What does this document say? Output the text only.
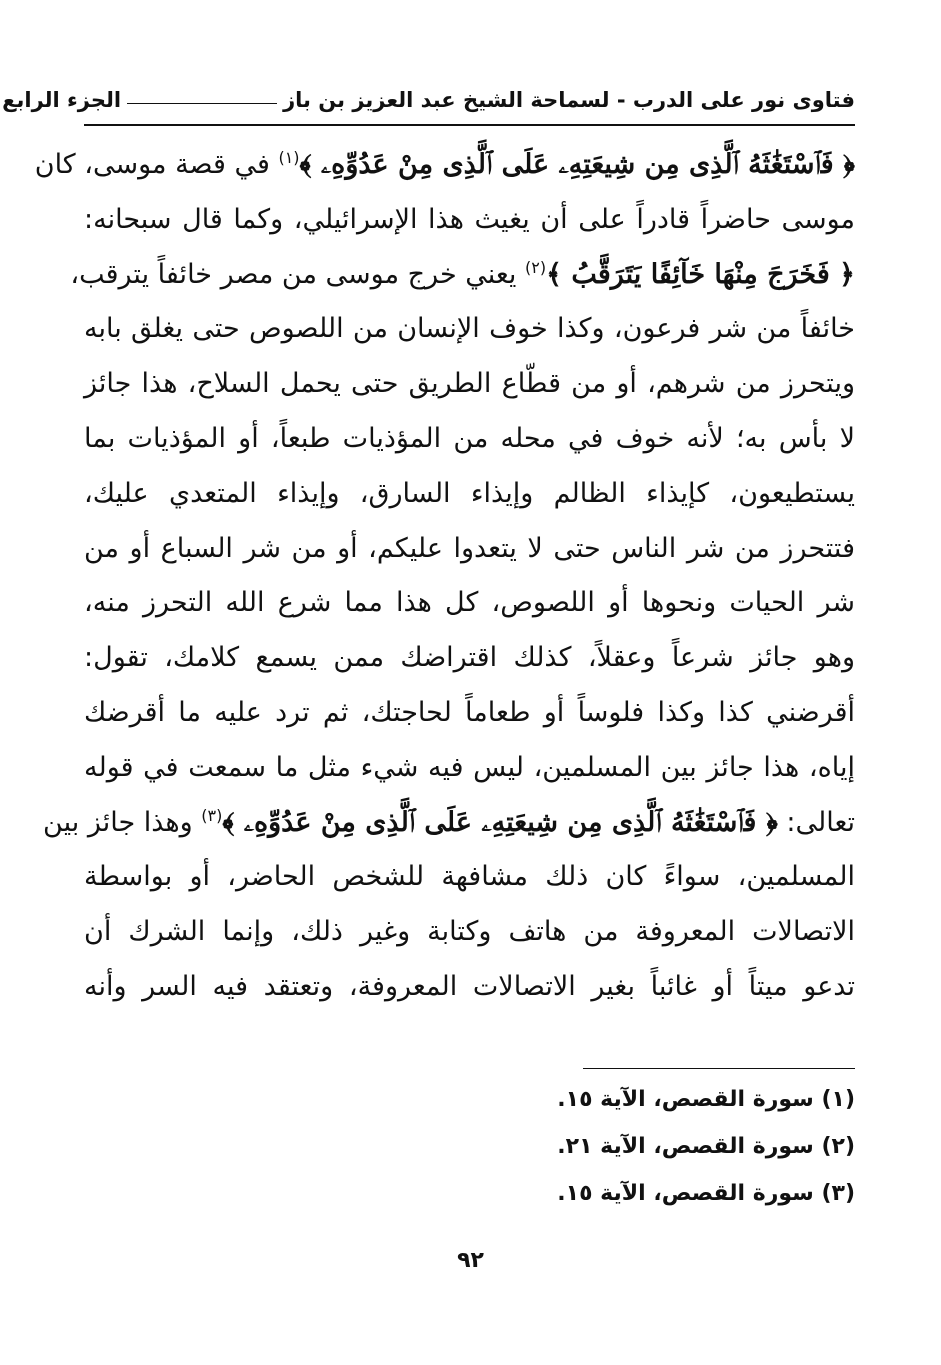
فتاوى نور على الدرب - لسماحة الشيخ عبد العزيز بن باز
الجزء الرابع
﴿ فَٱسْتَغَٰثَهُ ٱلَّذِى مِن شِيعَتِهِۦ عَلَى ٱلَّذِى مِنْ عَدُوِّهِۦ ﴾$^{(١)}$ في قصة موسى، كان
موسى حاضراً قادراً على أن يغيث هذا الإسرائيلي، وكما قال سبحانه:
﴿ فَخَرَجَ مِنْهَا خَآئِفًا يَتَرَقَّبُ ﴾$^{(٢)}$ يعني خرج موسى من مصر خائفاً يترقب،
خائفاً من شر فرعون، وكذا خوف الإنسان من اللصوص حتى يغلق بابه
ويتحرز من شرهم، أو من قطّاع الطريق حتى يحمل السلاح، هذا جائز
لا بأس به؛ لأنه خوف في محله من المؤذيات طبعاً، أو المؤذيات بما
يستطيعون، كإيذاء الظالم وإيذاء السارق، وإيذاء المتعدي عليك،
فتتحرز من شر الناس حتى لا يتعدوا عليكم، أو من شر السباع أو من
شر الحيات ونحوها أو اللصوص، كل هذا مما شرع الله التحرز منه،
وهو جائز شرعاً وعقلاً، كذلك اقتراضك ممن يسمع كلامك، تقول:
أقرضني كذا وكذا فلوساً أو طعاماً لحاجتك، ثم ترد عليه ما أقرضك
إياه، هذا جائز بين المسلمين، ليس فيه شيء مثل ما سمعت في قوله
تعالى: ﴿ فَٱسْتَغَٰثَهُ ٱلَّذِى مِن شِيعَتِهِۦ عَلَى ٱلَّذِى مِنْ عَدُوِّهِۦ ﴾$^{(٣)}$ وهذا جائز بين
المسلمين، سواءً كان ذلك مشافهة للشخص الحاضر، أو بواسطة
الاتصالات المعروفة من هاتف وكتابة وغير ذلك، وإنما الشرك أن
تدعو ميتاً أو غائباً بغير الاتصالات المعروفة، وتعتقد فيه السر وأنه
(١) سورة القصص، الآية ١٥.
(٢) سورة القصص، الآية ٢١.
(٣) سورة القصص، الآية ١٥.
٩٢
